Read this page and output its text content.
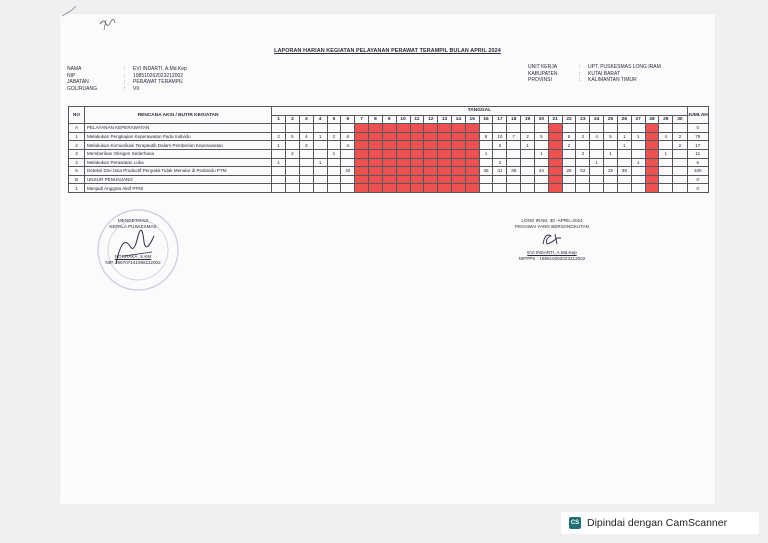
LAPORAN HARIAN KEGIATAN PELAYANAN PERAWAT TERAMPIL BULAN APRIL 2024
NAMA	:	EVI INDARTI, A.Md.Kep
NIP	:	198510262023212002
JABATAN	:	PERAWAT TERAMPIL
GOL/RUANG	:	VII
UNIT KERJA	:	UPT. PUSKESMAS LONG IRAM
KABUPATEN	:	KUTAI BARAT
PROVINSI	:	KALIMANTAN TIMUR
NO	RENCANA AKSI / BUTIR KEGIATAN	TANGGAL																														JUMLAH
		1	2	3	4	5	6	7	8	9	10	11	12	13	14	15	16	17	18	19	20	21	22	23	24	25	26	27	28	29	30	
A	PELAYANAN KEPERAWATAN																															0
1	Melakukan Pengkajian Keperawatan Pada Individu	2	5	4	1	2	6										8	10	7	2	5		8	2	4	5	1	1		4	2	79
2	Melakukan Komunikasi Terapeutik Dalam Pemberian Keperawatan	1		3			4											3		1			2				1				2	17
3	Memberikan Oksigen Sederhana		2			1											1				1			2		1				1		11
4	Melakukan Perawatan Luka	1			1													2							1			1				6
5	Deteksi Dini Usia Productif Penyakit Tidak Menular di Posbindu PTM						40										35	41	35		44		25	52		25	38					340
B	UNSUR PENUNJANG																															0
1	Menjadi Anggota Aktif PPNI																															0
MENGETAHUI
KEPALA PUSKESMAS
NORHAKA, S.KM
NIP. 196707141988112002
LONG IRAM, 30 -APRIL-2024
PEGAWAI YANG BERSANGKUTAN
EVI INDARTI, A.Md.Kep
NIPPPK : 198510262023212002
CS Dipindai dengan CamScanner
